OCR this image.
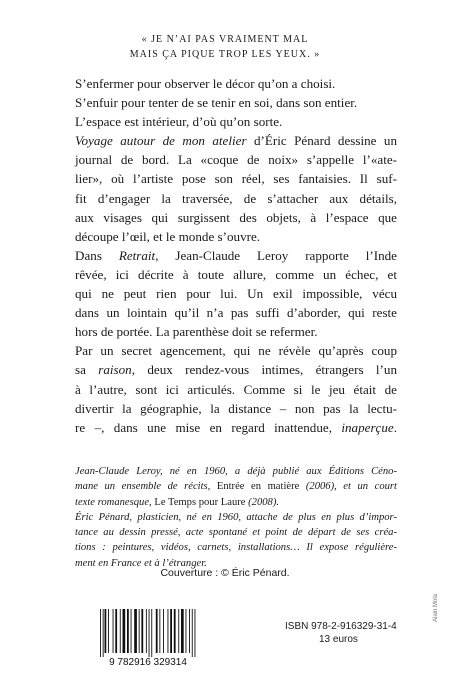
« JE N’AI PAS VRAIMENT MAL
MAIS ÇA PIQUE TROP LES YEUX. »
S’enfermer pour observer le décor qu’on a choisi.
S’enfuir pour tenter de se tenir en soi, dans son entier.
L’espace est intérieur, d’où qu’on sorte.
Voyage autour de mon atelier d’Éric Pénard dessine un
journal de bord. La «coque de noix» s’appelle l’«ate-
lier», où l’artiste pose son réel, ses fantaisies. Il suf-
fit d’engager la traversée, de s’attacher aux détails,
aux visages qui surgissent des objets, à l’espace que
découpe l’œil, et le monde s’ouvre.
Dans Retrait, Jean-Claude Leroy rapporte l’Inde
rêvée, ici décrite à toute allure, comme un échec, et
qui ne peut rien pour lui. Un exil impossible, vécu
dans un lointain qu’il n’a pas suffi d’aborder, qui reste
hors de portée. La parenthèse doit se refermer.
Par un secret agencement, qui ne révèle qu’après coup
sa raison, deux rendez-vous intimes, étrangers l’un
à l’autre, sont ici articulés. Comme si le jeu était de
divertir la géographie, la distance – non pas la lectu-
re –, dans une mise en regard inattendue, inaperçue.
Jean-Claude Leroy, né en 1960, a déjà publié aux Éditions Céno-
mane un ensemble de récits, Entrée en matière (2006), et un court
texte romanesque, Le Temps pour Laure (2008).
Éric Pénard, plasticien, né en 1960, attache de plus en plus d’impor-
tance au dessin pressé, acte spontané et point de départ de ses créa-
tions : peintures, vidéos, carnets, installations… Il expose régulière-
ment en France et à l’étranger.
Couverture : © Éric Pénard.
9 782916 329314
ISBN 978-2-916329-31-4
13 euros
Alain Mola
